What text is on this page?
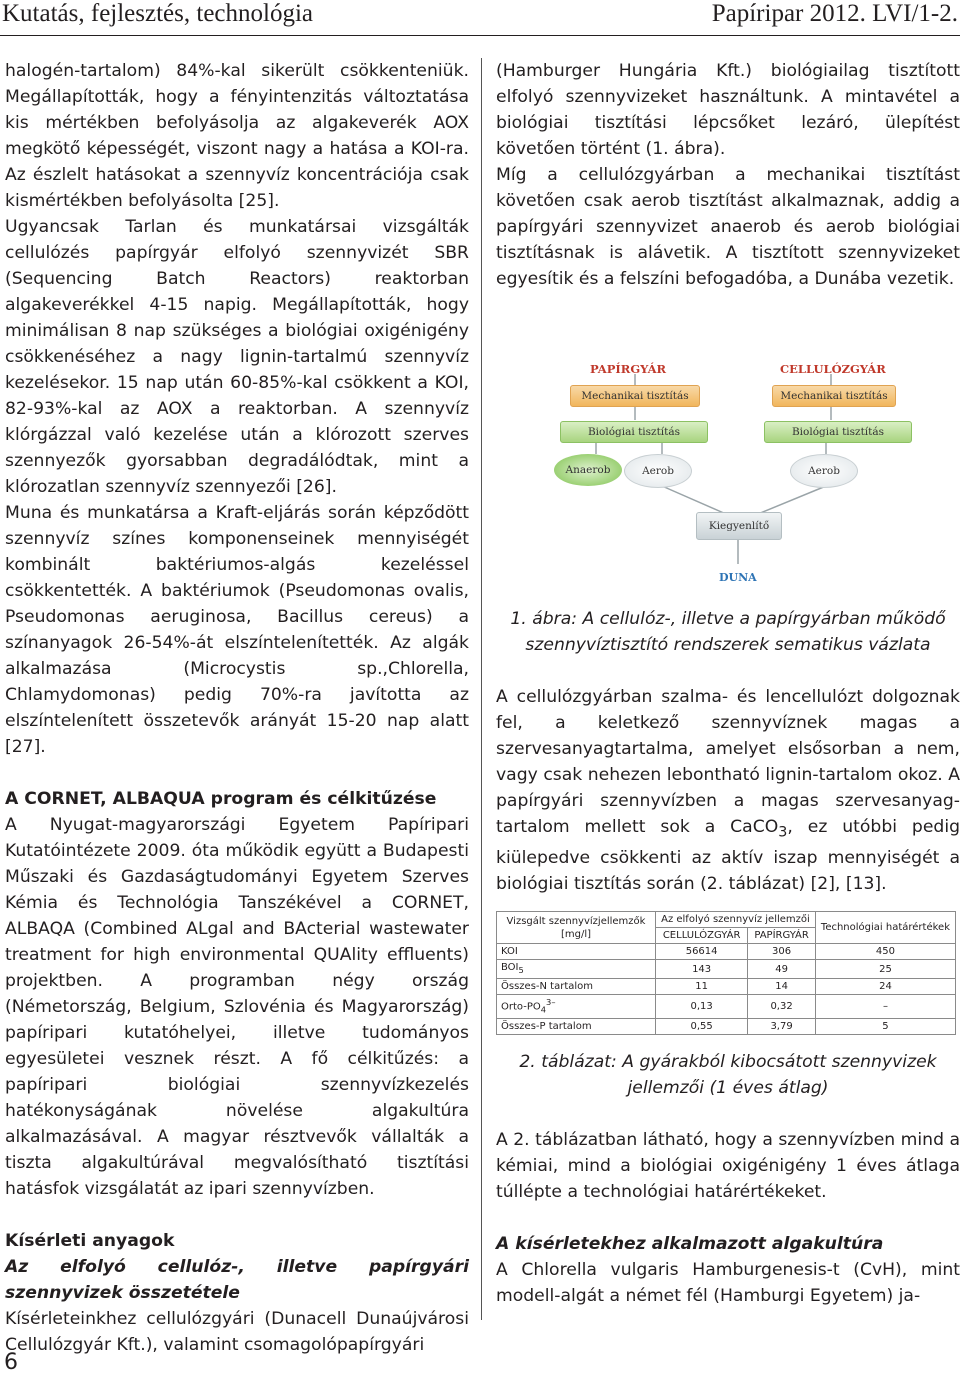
Kutatás, fejlesztés, technológia	Papíripar 2012. LVI/1-2.

halogén-tartalom) 84%-kal sikerült csökkenteniük. Megállapították, hogy a fényintenzitás változtatása kis mértékben befolyásolja az algakeverék AOX megkötő képességét, viszont nagy a hatása a KOI-ra. Az észlelt hatásokat a szennyvíz koncentrációja csak kismértékben befolyásolta [25].

Ugyancsak Tarlan és munkatársai vizsgálták cellulózés papírgyár elfolyó szennyvizét SBR (Sequencing Batch Reactors) reaktorban algakeverékkel 4-15 napig. Megállapították, hogy minimálisan 8 nap szükséges a biológiai oxigénigény csökkenéséhez a nagy lignin-tartalmú szennyvíz kezelésekor. 15 nap után 60-85%-kal csökkent a KOI, 82-93%-kal az AOX a reaktorban. A szennyvíz klórgázzal való kezelése után a klórozott szerves szennyezők gyorsabban degradálódtak, mint a klórozatlan szennyvíz szennyezői [26].

Muna és munkatársa a Kraft-eljárás során képződött szennyvíz színes komponenseinek mennyiségét kombinált baktériumos-algás kezeléssel csökkentették. A baktériumok (Pseudomonas ovalis, Pseudomonas aeruginosa, Bacillus cereus) a színanyagok 26-54%-át elszíntelenítették. Az algák alkalmazása (Microcystis sp.,Chlorella, Chlamydomonas) pedig 70%-ra javította az elszíntelenített összetevők arányát 15-20 nap alatt [27].

A CORNET, ALBAQUA program és célkitűzése

A Nyugat-magyarországi Egyetem Papíripari Kutatóintézete 2009. óta működik együtt a Budapesti Műszaki és Gazdaságtudományi Egyetem Szerves Kémia és Technológia Tanszékével a CORNET, ALBAQA (Combined ALgal and BActerial wastewater treatment for high environmental QUAlity effluents) projektben. A programban négy ország (Németország, Belgium, Szlovénia és Magyarország) papíripari kutatóhelyei, illetve tudományos egyesületei vesznek részt. A fő célkitűzés: a papíripari biológiai szennyvízkezelés hatékonyságának növelése algakultúra alkalmazásával. A magyar résztvevők vállalták a tiszta algakultúrával megvalósítható tisztítási hatásfok vizsgálatát az ipari szennyvízben.

Kísérleti anyagok

Az elfolyó cellulóz-, illetve papírgyári szennyvizek összetétele

Kísérleteinkhez cellulózgyári (Dunacell Dunaújvárosi Cellulózgyár Kft.), valamint csomagolópapírgyári

(Hamburger Hungária Kft.) biológiailag tisztított elfolyó szennyvizeket használtunk. A mintavétel a biológiai tisztítási lépcsőket lezáró, ülepítést követően történt (1. ábra).

Míg a cellulózgyárban a mechanikai tisztítást követően csak aerob tisztítást alkalmaznak, addig a papírgyári szennyvizet anaerob és aerob biológiai tisztításnak is alávetik. A tisztított szennyvizeket egyesítik és a felszíni befogadóba, a Dunába vezetik.

PAPÍRGYÁR	CELLULÓZGYÁR
Mechanikai tisztítás	Mechanikai tisztítás
Biológiai tisztítás	Biológiai tisztítás
Anaerob	Aerob	Aerob
Kiegyenlítő
DUNA

1. ábra: A cellulóz-, illetve a papírgyárban működő szennyvíztisztító rendszerek sematikus vázlata

A cellulózgyárban szalma- és lencellulózt dolgoznak fel, a keletkező szennyvíznek magas a szervesanyagtartalma, amelyet elsősorban a nem, vagy csak nehezen lebontható lignin-tartalom okoz. A papírgyári szennyvízben a magas szervesanyag-tartalom mellett sok a CaCO$_3$, ez utóbbi pedig kiülepedve csökkenti az aktív iszap mennyiségét a biológiai tisztítás során (2. táblázat) [2], [13].

Vizsgált szennyvízjellemzők [mg/l]	Az elfolyó szennyvíz jellemzői		Technológiai határértékek
	CELLULÓZGYÁR	PAPÍRGYÁR	
KOI	56614	306	450
$BOI_5$	143	49	25
Összes-N tartalom	11	14	24
Orto-$PO_4^{3-}$	0,13	0,32	–
Összes-P tartalom	0,55	3,79	5

2. táblázat: A gyárakból kibocsátott szennyvizek jellemzői (1 éves átlag)

A 2. táblázatban látható, hogy a szennyvízben mind a kémiai, mind a biológiai oxigénigény 1 éves átlaga túllépte a technológiai határértékeket.

A kísérletekhez alkalmazott algakultúra

A Chlorella vulgaris Hamburgenesis-t (CvH), mint modell-algát a német fél (Hamburgi Egyetem) ja-

6
